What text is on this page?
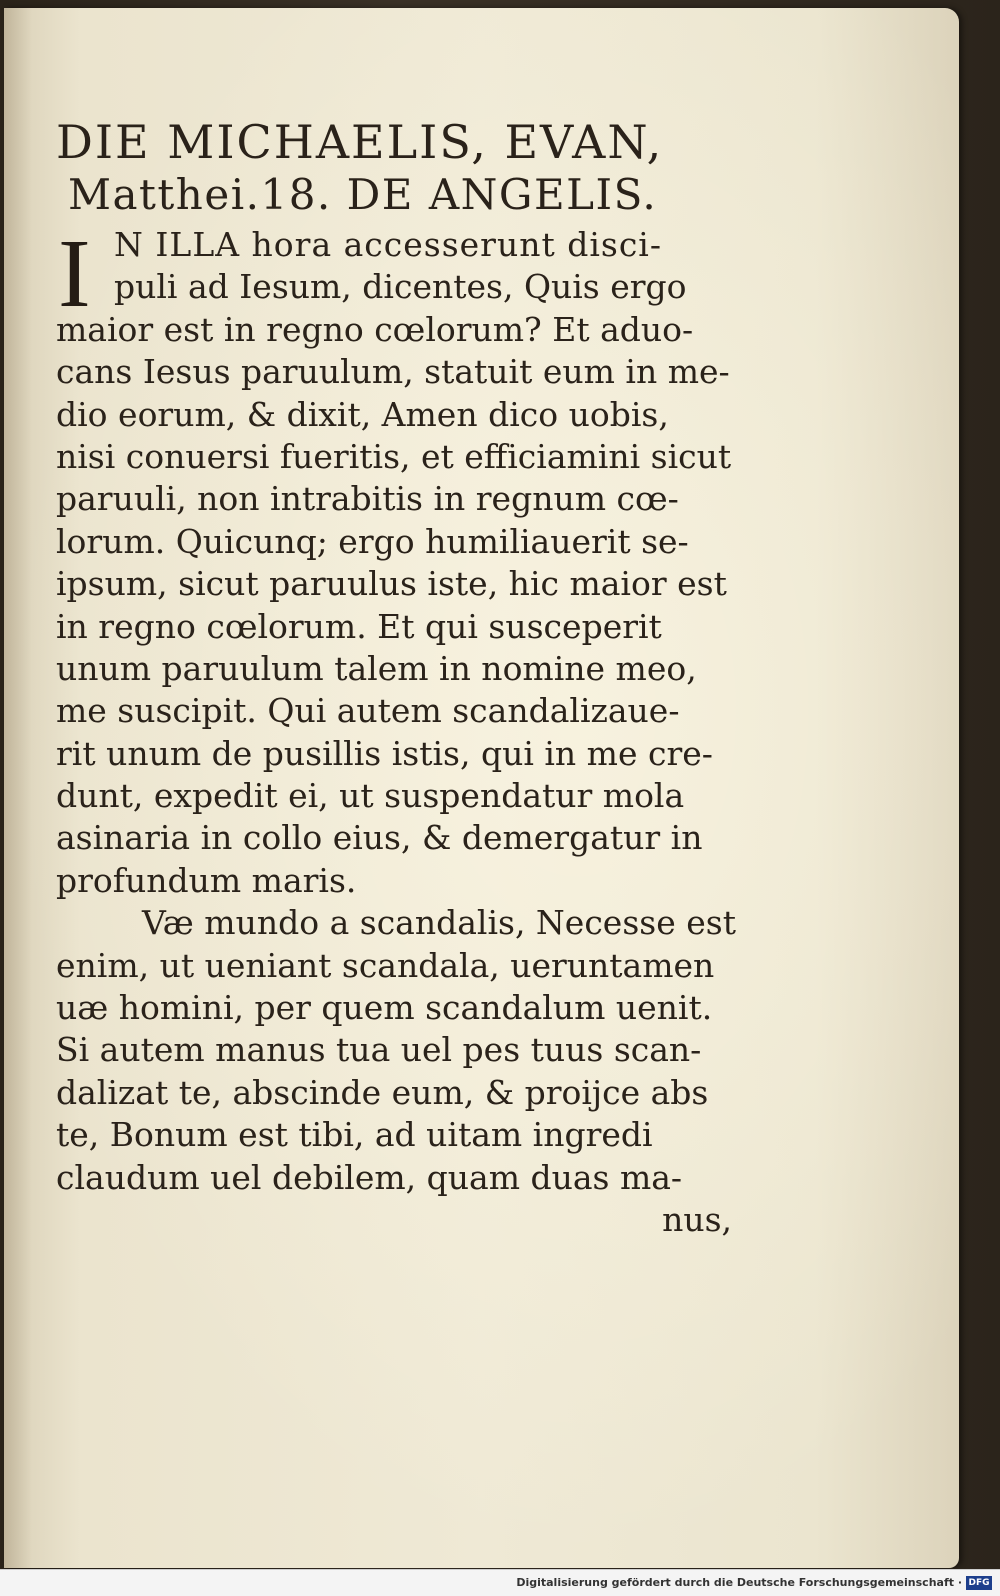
DIE MICHAELIS, EVAN,
Matthei.18. DE ANGELIS.
I N ILLA hora accesserunt disci-
puli ad Iesum, dicentes, Quis ergo
maior est in regno cœlorum? Et aduo-
cans Iesus paruulum, statuit eum in me-
dio eorum, & dixit, Amen dico uobis,
nisi conuersi fueritis, et efficiamini sicut
paruuli, non intrabitis in regnum cœ-
lorum. Quicunq; ergo humiliauerit se-
ipsum, sicut paruulus iste, hic maior est
in regno cœlorum. Et qui susceperit
unum paruulum talem in nomine meo,
me suscipit. Qui autem scandalizaue-
rit unum de pusillis istis, qui in me cre-
dunt, expedit ei, ut suspendatur mola
asinaria in collo eius, & demergatur in
profundum maris.
Væ mundo a scandalis, Necesse est
enim, ut ueniant scandala, ueruntamen
uæ homini, per quem scandalum uenit.
Si autem manus tua uel pes tuus scan-
dalizat te, abscinde eum, & proijce abs
te, Bonum est tibi, ad uitam ingredi
claudum uel debilem, quam duas ma-
nus,
Digitalisierung gefördert durch die Deutsche Forschungsgemeinschaft · DFG
